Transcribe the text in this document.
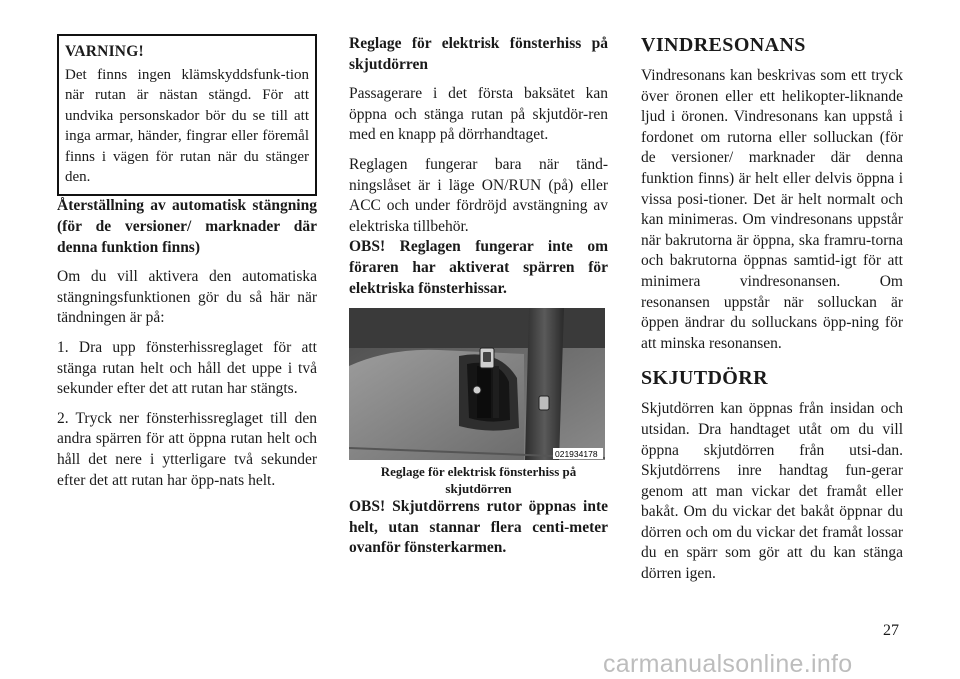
VARNING!

Det finns ingen klämskyddsfunk-tion när rutan är nästan stängd. För att undvika personskador bör du se till att inga armar, händer, fingrar eller föremål finns i vägen för rutan när du stänger den.

Återställning av automatisk stängning (för de versioner/ marknader där denna funktion finns)

Om du vill aktivera den automatiska stängningsfunktionen gör du så här när tändningen är på:

1. Dra upp fönsterhissreglaget för att stänga rutan helt och håll det uppe i två sekunder efter det att rutan har stängts.

2. Tryck ner fönsterhissreglaget till den andra spärren för att öppna rutan helt och håll det nere i ytterligare två sekunder efter det att rutan har öpp-nats helt.

Reglage för elektrisk fönsterhiss på skjutdörren

Passagerare i det första baksätet kan öppna och stänga rutan på skjutdör-ren med en knapp på dörrhandtaget.

Reglagen fungerar bara när tänd-ningslåset är i läge ON/RUN (på) eller ACC och under fördröjd avstängning av elektriska tillbehör.

OBS! Reglagen fungerar inte om föraren har aktiverat spärren för elektriska fönsterhissar.

021934178

Reglage för elektrisk fönsterhiss på skjutdörren

OBS! Skjutdörrens rutor öppnas inte helt, utan stannar flera centi-meter ovanför fönsterkarmen.

VINDRESONANS

Vindresonans kan beskrivas som ett tryck över öronen eller ett helikopter-liknande ljud i öronen. Vindresonans kan uppstå i fordonet om rutorna eller solluckan (för de versioner/ marknader där denna funktion finns) är helt eller delvis öppna i vissa posi-tioner. Det är helt normalt och kan minimeras. Om vindresonans uppstår när bakrutorna är öppna, ska framru-torna och bakrutorna öppnas samtid-igt för att minimera vindresonansen. Om resonansen uppstår när solluckan är öppen ändrar du solluckans öpp-ning för att minska resonansen.

SKJUTDÖRR

Skjutdörren kan öppnas från insidan och utsidan. Dra handtaget utåt om du vill öppna skjutdörren från utsi-dan. Skjutdörrens inre handtag fun-gerar genom att man vickar det framåt eller bakåt. Om du vickar det bakåt öppnar du dörren och om du vickar det framåt lossar du en spärr som gör att du kan stänga dörren igen.

27
carmanualsonline.info
